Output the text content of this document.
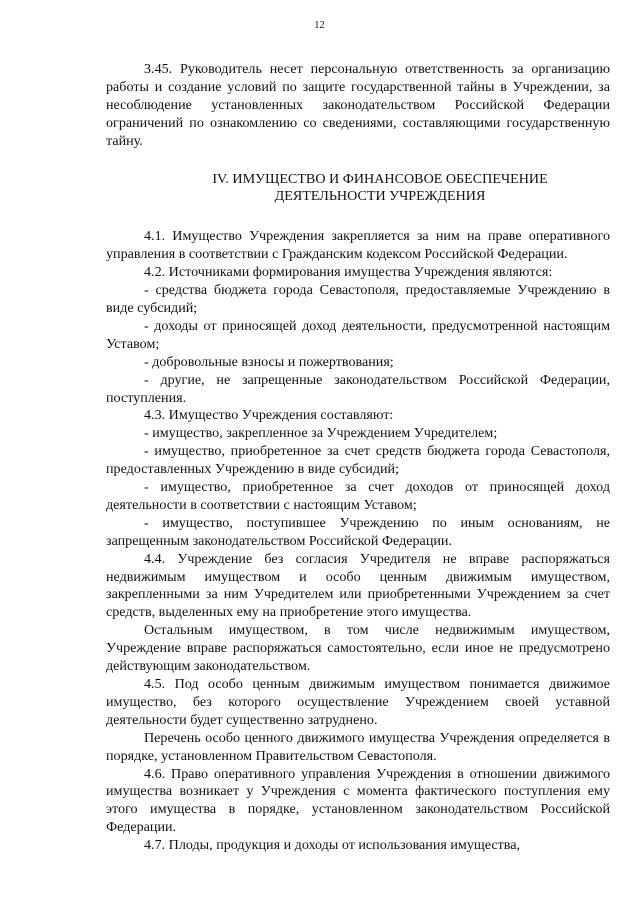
12

3.45. Руководитель несет персональную ответственность за организацию работы и создание условий по защите государственной тайны в Учреждении, за несоблюдение установленных законодательством Российской Федерации ограничений по ознакомлению со сведениями, составляющими государственную тайну.

IV. ИМУЩЕСТВО И ФИНАНСОВОЕ ОБЕСПЕЧЕНИЕ
ДЕЯТЕЛЬНОСТИ УЧРЕЖДЕНИЯ

4.1. Имущество Учреждения закрепляется за ним на праве оперативного управления в соответствии с Гражданским кодексом Российской Федерации.

4.2. Источниками формирования имущества Учреждения являются:

- средства бюджета города Севастополя, предоставляемые Учреждению в виде субсидий;

- доходы от приносящей доход деятельности, предусмотренной настоящим Уставом;

- добровольные взносы и пожертвования;

- другие, не запрещенные законодательством Российской Федерации, поступления.

4.3. Имущество Учреждения составляют:

- имущество, закрепленное за Учреждением Учредителем;

- имущество, приобретенное за счет средств бюджета города Севастополя, предоставленных Учреждению в виде субсидий;

- имущество, приобретенное за счет доходов от приносящей доход деятельности в соответствии с настоящим Уставом;

- имущество, поступившее Учреждению по иным основаниям, не запрещенным законодательством Российской Федерации.

4.4. Учреждение без согласия Учредителя не вправе распоряжаться недвижимым имуществом и особо ценным движимым имуществом, закрепленными за ним Учредителем или приобретенными Учреждением за счет средств, выделенных ему на приобретение этого имущества.

Остальным имуществом, в том числе недвижимым имуществом, Учреждение вправе распоряжаться самостоятельно, если иное не предусмотрено действующим законодательством.

4.5. Под особо ценным движимым имуществом понимается движимое имущество, без которого осуществление Учреждением своей уставной деятельности будет существенно затруднено.

Перечень особо ценного движимого имущества Учреждения определяется в порядке, установленном Правительством Севастополя.

4.6. Право оперативного управления Учреждения в отношении движимого имущества возникает у Учреждения с момента фактического поступления ему этого имущества в порядке, установленном законодательством Российской Федерации.

4.7. Плоды, продукция и доходы от использования имущества,
